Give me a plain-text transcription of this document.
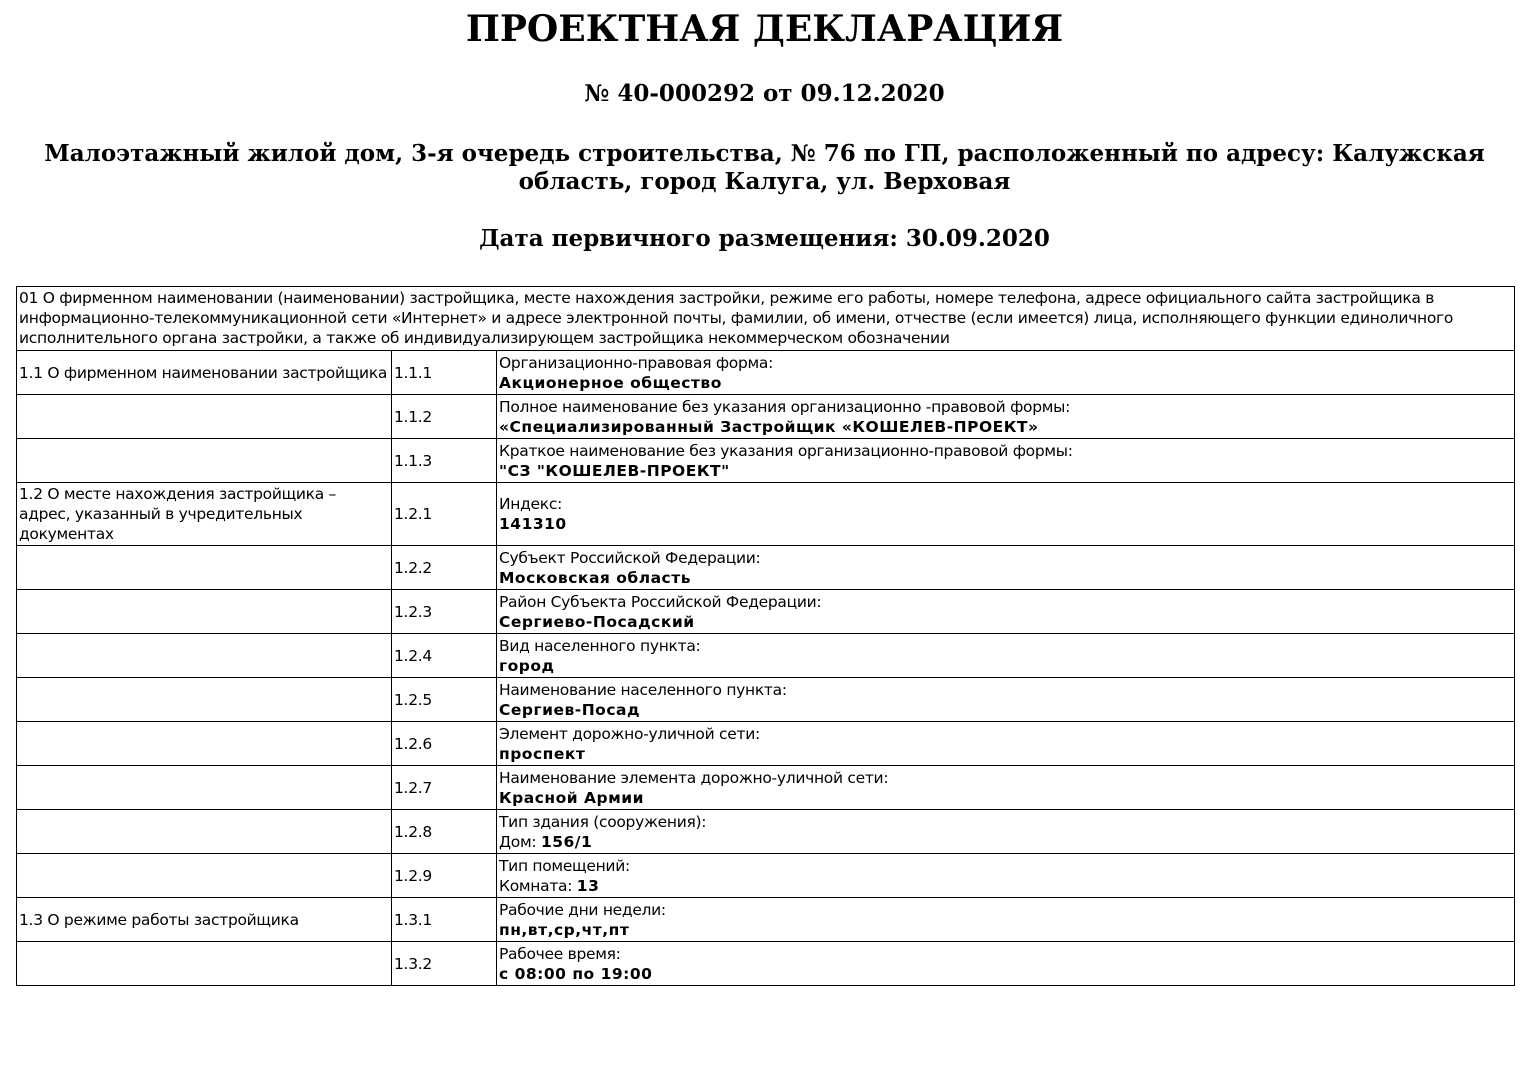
ПРОЕКТНАЯ ДЕКЛАРАЦИЯ
№ 40-000292 от 09.12.2020
Малоэтажный жилой дом, 3-я очередь строительства, № 76 по ГП, расположенный по адресу: Калужская область, город Калуга, ул. Верховая
Дата первичного размещения: 30.09.2020
01 О фирменном наименовании (наименовании) застройщика, месте нахождения застройки, режиме его работы, номере телефона, адресе официального сайта застройщика в информационно-телекоммуникационной сети «Интернет» и адресе электронной почты, фамилии, об имени, отчестве (если имеется) лица, исполняющего функции единоличного исполнительного органа застройки, а также об индивидуализирующем застройщика некоммерческом обозначении		
1.1 О фирменном наименовании застройщика	1.1.1	Организационно-правовая форма:
Акционерное общество
	1.1.2	Полное наименование без указания организационно -правовой формы:
«Специализированный Застройщик «КОШЕЛЕВ-ПРОЕКТ»
	1.1.3	Краткое наименование без указания организационно-правовой формы:
"СЗ "КОШЕЛЕВ-ПРОЕКТ"
1.2 О месте нахождения застройщика – адрес, указанный в учредительных документах	1.2.1	Индекс:
141310
	1.2.2	Субъект Российской Федерации:
Московская область
	1.2.3	Район Субъекта Российской Федерации:
Сергиево-Посадский
	1.2.4	Вид населенного пункта:
город
	1.2.5	Наименование населенного пункта:
Сергиев-Посад
	1.2.6	Элемент дорожно-уличной сети:
проспект
	1.2.7	Наименование элемента дорожно-уличной сети:
Красной Армии
	1.2.8	Тип здания (сооружения):
Дом: 156/1
	1.2.9	Тип помещений:
Комната: 13
1.3 О режиме работы застройщика	1.3.1	Рабочие дни недели:
пн,вт,ср,чт,пт
	1.3.2	Рабочее время:
с 08:00 по 19:00
